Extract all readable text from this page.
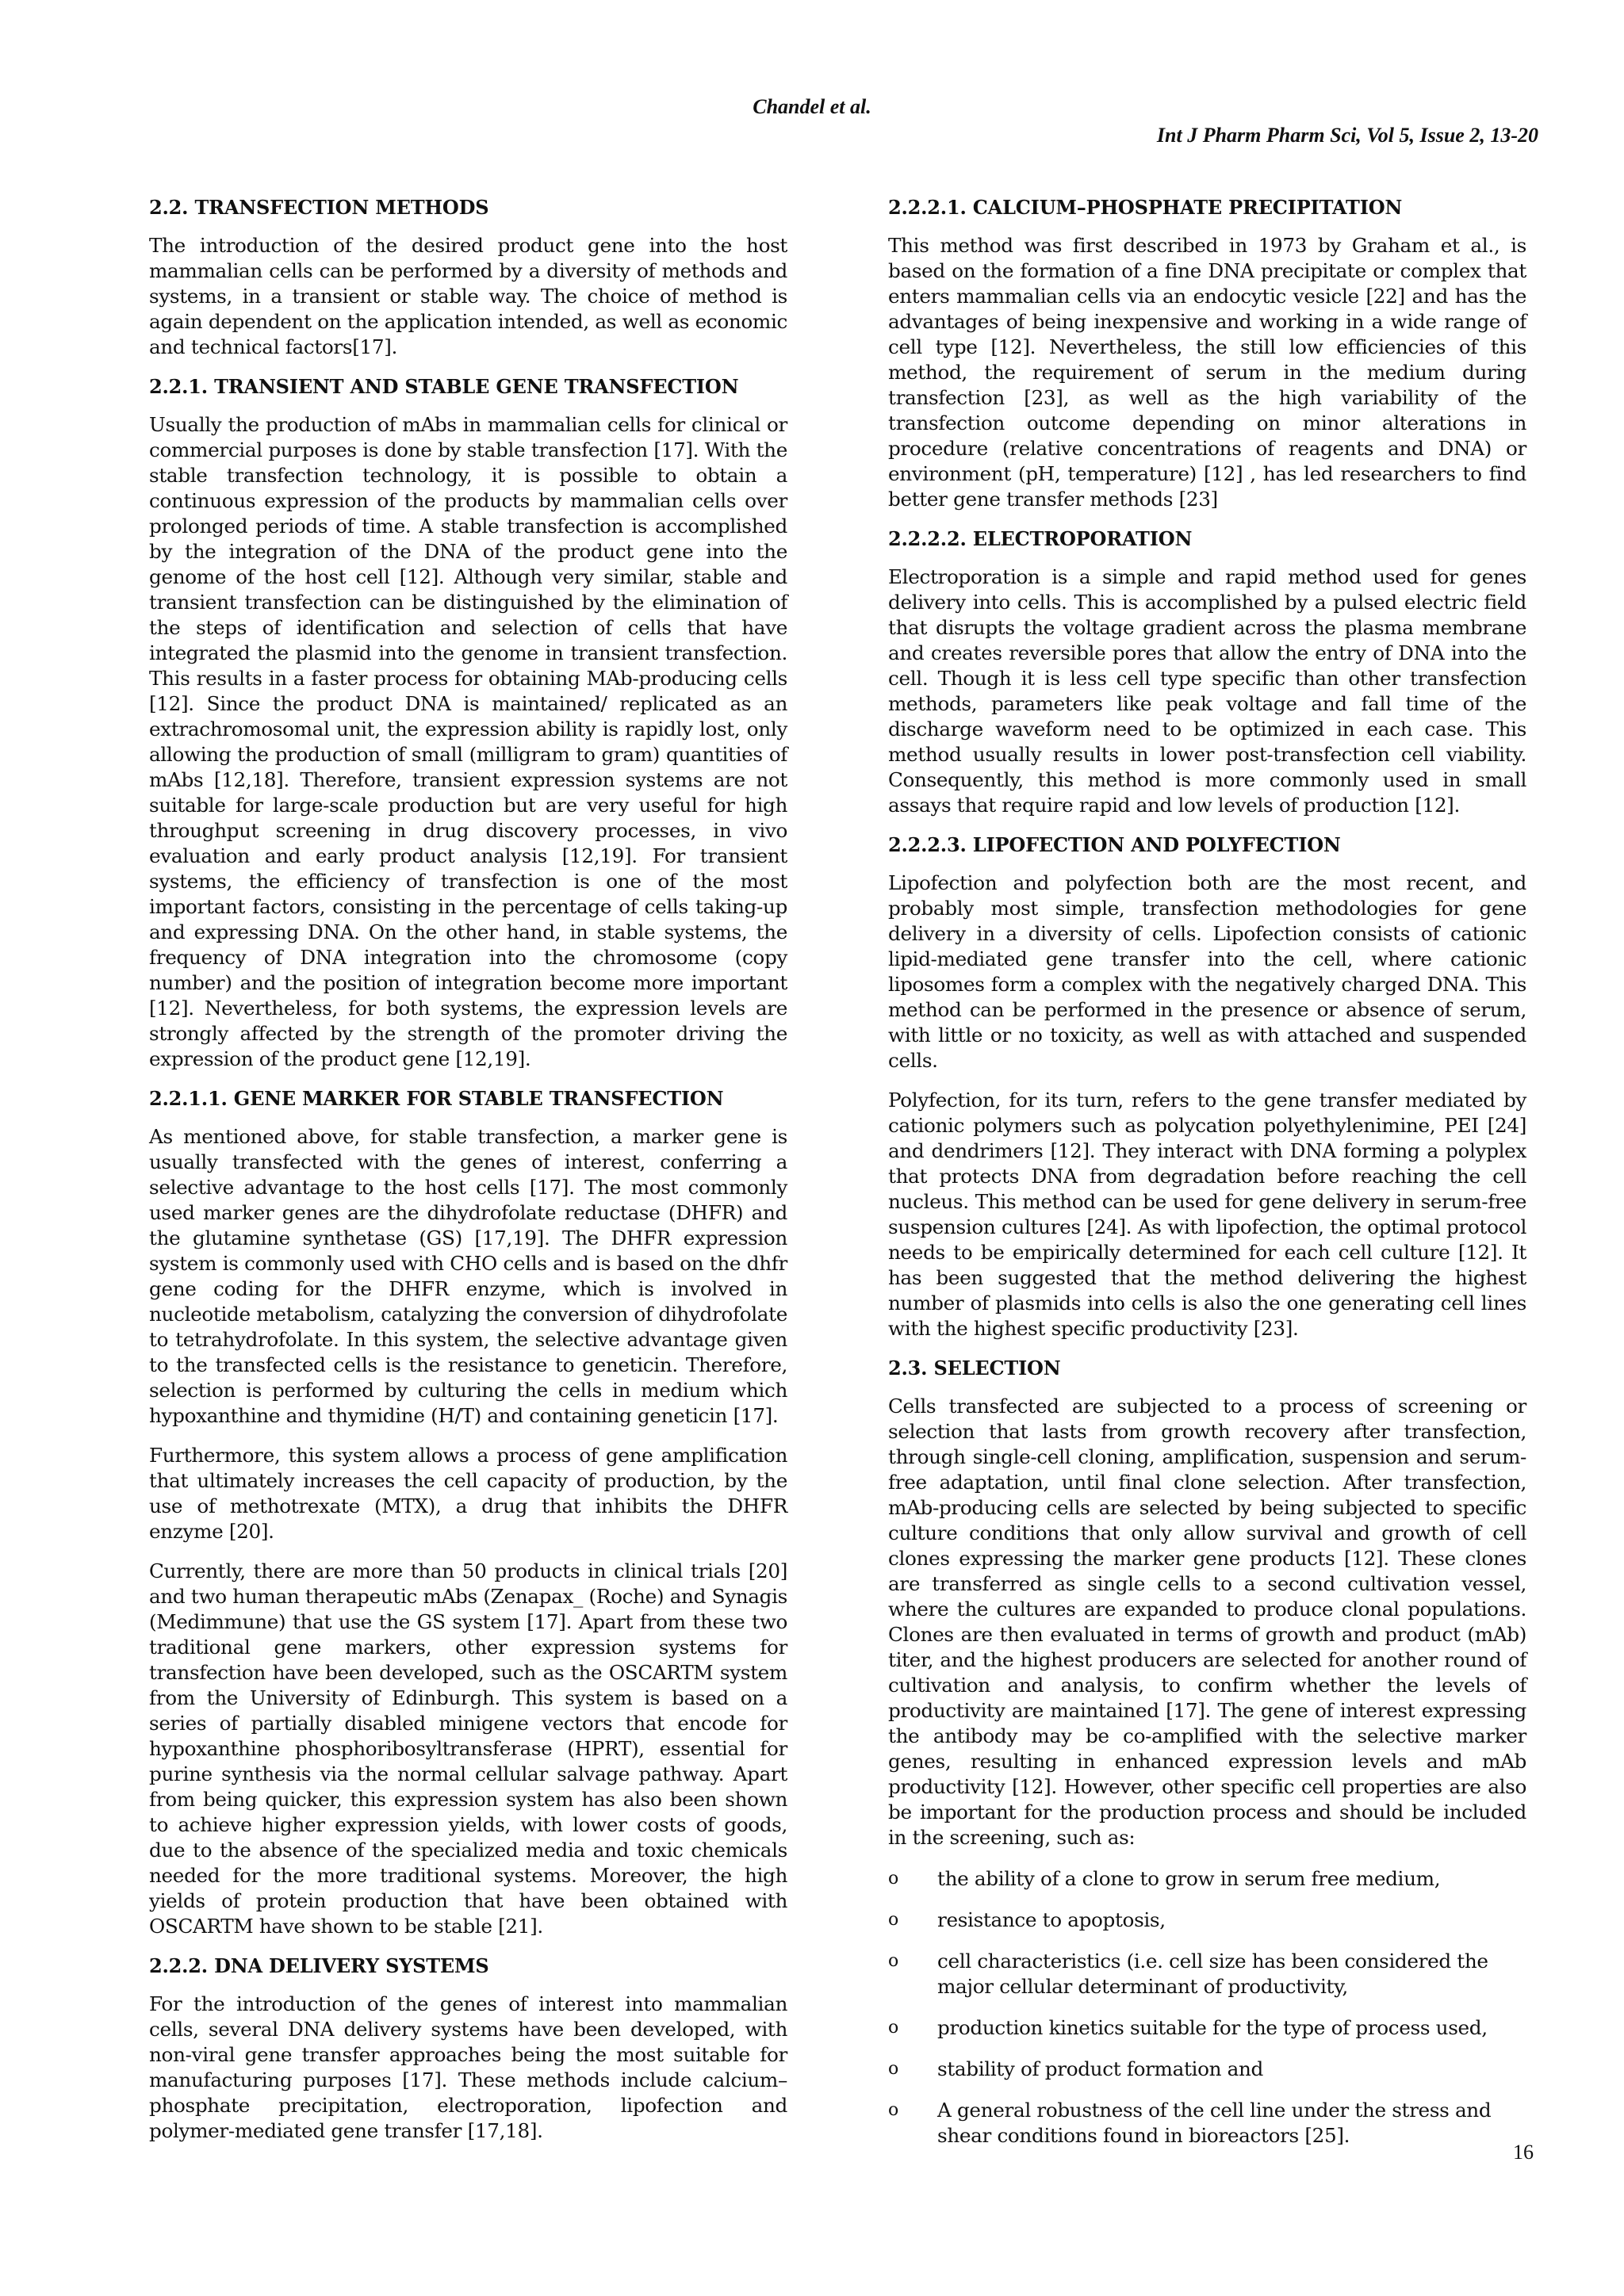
Chandel et al.
Int J Pharm Pharm Sci, Vol 5, Issue 2, 13-20
2.2. TRANSFECTION METHODS

The introduction of the desired product gene into the host mammalian cells can be performed by a diversity of methods and systems, in a transient or stable way. The choice of method is again dependent on the application intended, as well as economic and technical factors[17].

2.2.1. TRANSIENT AND STABLE GENE TRANSFECTION

Usually the production of mAbs in mammalian cells for clinical or commercial purposes is done by stable transfection [17]. With the stable transfection technology, it is possible to obtain a continuous expression of the products by mammalian cells over prolonged periods of time. A stable transfection is accomplished by the integration of the DNA of the product gene into the genome of the host cell [12]. Although very similar, stable and transient transfection can be distinguished by the elimination of the steps of identification and selection of cells that have integrated the plasmid into the genome in transient transfection. This results in a faster process for obtaining MAb-producing cells [12]. Since the product DNA is maintained/ replicated as an extrachromosomal unit, the expression ability is rapidly lost, only allowing the production of small (milligram to gram) quantities of mAbs [12,18]. Therefore, transient expression systems are not suitable for large-scale production but are very useful for high throughput screening in drug discovery processes, in vivo evaluation and early product analysis [12,19]. For transient systems, the efficiency of transfection is one of the most important factors, consisting in the percentage of cells taking-up and expressing DNA. On the other hand, in stable systems, the frequency of DNA integration into the chromosome (copy number) and the position of integration become more important [12]. Nevertheless, for both systems, the expression levels are strongly affected by the strength of the promoter driving the expression of the product gene [12,19].

2.2.1.1. GENE MARKER FOR STABLE TRANSFECTION

As mentioned above, for stable transfection, a marker gene is usually transfected with the genes of interest, conferring a selective advantage to the host cells [17]. The most commonly used marker genes are the dihydrofolate reductase (DHFR) and the glutamine synthetase (GS) [17,19]. The DHFR expression system is commonly used with CHO cells and is based on the dhfr gene coding for the DHFR enzyme, which is involved in nucleotide metabolism, catalyzing the conversion of dihydrofolate to tetrahydrofolate. In this system, the selective advantage given to the transfected cells is the resistance to geneticin. Therefore, selection is performed by culturing the cells in medium which hypoxanthine and thymidine (H/T) and containing geneticin [17].

Furthermore, this system allows a process of gene amplification that ultimately increases the cell capacity of production, by the use of methotrexate (MTX), a drug that inhibits the DHFR enzyme [20].

Currently, there are more than 50 products in clinical trials [20] and two human therapeutic mAbs (Zenapax_ (Roche) and Synagis (Medimmune) that use the GS system [17]. Apart from these two traditional gene markers, other expression systems for transfection have been developed, such as the OSCARTM system from the University of Edinburgh. This system is based on a series of partially disabled minigene vectors that encode for hypoxanthine phosphoribosyltransferase (HPRT), essential for purine synthesis via the normal cellular salvage pathway. Apart from being quicker, this expression system has also been shown to achieve higher expression yields, with lower costs of goods, due to the absence of the specialized media and toxic chemicals needed for the more traditional systems. Moreover, the high yields of protein production that have been obtained with OSCARTM have shown to be stable [21].

2.2.2. DNA DELIVERY SYSTEMS

For the introduction of the genes of interest into mammalian cells, several DNA delivery systems have been developed, with non-viral gene transfer approaches being the most suitable for manufacturing purposes [17]. These methods include calcium–phosphate precipitation, electroporation, lipofection and polymer-mediated gene transfer [17,18].

2.2.2.1. CALCIUM–PHOSPHATE PRECIPITATION

This method was first described in 1973 by Graham et al., is based on the formation of a fine DNA precipitate or complex that enters mammalian cells via an endocytic vesicle [22] and has the advantages of being inexpensive and working in a wide range of cell type [12]. Nevertheless, the still low efficiencies of this method, the requirement of serum in the medium during transfection [23], as well as the high variability of the transfection outcome depending on minor alterations in procedure (relative concentrations of reagents and DNA) or environment (pH, temperature) [12] , has led researchers to find better gene transfer methods [23]

2.2.2.2. ELECTROPORATION

Electroporation is a simple and rapid method used for genes delivery into cells. This is accomplished by a pulsed electric field that disrupts the voltage gradient across the plasma membrane and creates reversible pores that allow the entry of DNA into the cell. Though it is less cell type specific than other transfection methods, parameters like peak voltage and fall time of the discharge waveform need to be optimized in each case. This method usually results in lower post-transfection cell viability. Consequently, this method is more commonly used in small assays that require rapid and low levels of production [12].

2.2.2.3. LIPOFECTION AND POLYFECTION

Lipofection and polyfection both are the most recent, and probably most simple, transfection methodologies for gene delivery in a diversity of cells. Lipofection consists of cationic lipid-mediated gene transfer into the cell, where cationic liposomes form a complex with the negatively charged DNA. This method can be performed in the presence or absence of serum, with little or no toxicity, as well as with attached and suspended cells.

Polyfection, for its turn, refers to the gene transfer mediated by cationic polymers such as polycation polyethylenimine, PEI [24] and dendrimers [12]. They interact with DNA forming a polyplex that protects DNA from degradation before reaching the cell nucleus. This method can be used for gene delivery in serum-free suspension cultures [24]. As with lipofection, the optimal protocol needs to be empirically determined for each cell culture [12]. It has been suggested that the method delivering the highest number of plasmids into cells is also the one generating cell lines with the highest specific productivity [23].

2.3. SELECTION

Cells transfected are subjected to a process of screening or selection that lasts from growth recovery after transfection, through single-cell cloning, amplification, suspension and serum-free adaptation, until final clone selection. After transfection, mAb-producing cells are selected by being subjected to specific culture conditions that only allow survival and growth of cell clones expressing the marker gene products [12]. These clones are transferred as single cells to a second cultivation vessel, where the cultures are expanded to produce clonal populations. Clones are then evaluated in terms of growth and product (mAb) titer, and the highest producers are selected for another round of cultivation and analysis, to confirm whether the levels of productivity are maintained [17]. The gene of interest expressing the antibody may be co-amplified with the selective marker genes, resulting in enhanced expression levels and mAb productivity [12]. However, other specific cell properties are also be important for the production process and should be included in the screening, such as:

o the ability of a clone to grow in serum free medium,
o resistance to apoptosis,
o cell characteristics (i.e. cell size has been considered the major cellular determinant of productivity,
o production kinetics suitable for the type of process used,
o stability of product formation and
o A general robustness of the cell line under the stress and shear conditions found in bioreactors [25].
16
